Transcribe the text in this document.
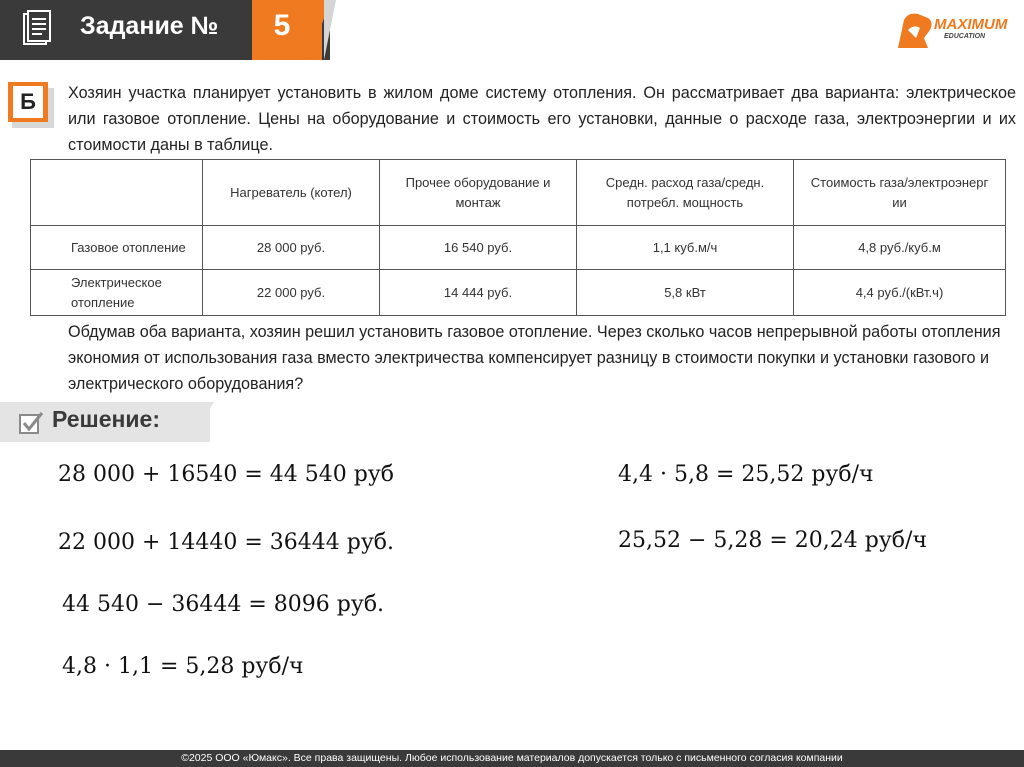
Задание №	5	MAXIMUM
EDUCATION
Б	Хозяин участка планирует установить в жилом доме систему отопления. Он рассматривает два варианта: электрическое или газовое отопление. Цены на оборудование и стоимость его установки, данные о расходе газа, электроэнергии и их стоимости даны в таблице.
	Нагреватель (котел)	Прочее оборудование и монтаж	Средн. расход газа/средн. потребл. мощность	Стоимость газа/электроэнерг ии
Газовое отопление	28 000 руб.	16 540 руб.	1,1 куб.м/ч	4,8 руб./куб.м
Электрическое отопление	22 000 руб.	14 444 руб.	5,8 кВт	4,4 руб./(кВт.ч)
Обдумав оба варианта, хозяин решил установить газовое отопление. Через сколько часов непрерывной работы отопления экономия от использования газа вместо электричества компенсирует разницу в стоимости покупки и установки газового и электрического оборудования?
Решение:
28 000 + 16540 = 44 540 руб
22 000 + 14440 = 36444 руб.
44 540 − 36444 = 8096 руб.
4,8 · 1,1 = 5,28 руб/ч
4,4 · 5,8 = 25,52 руб/ч
25,52 − 5,28 = 20,24 руб/ч
©2025 ООО «Юмакс». Все права защищены. Любое использование материалов допускается только с письменного согласия компании
